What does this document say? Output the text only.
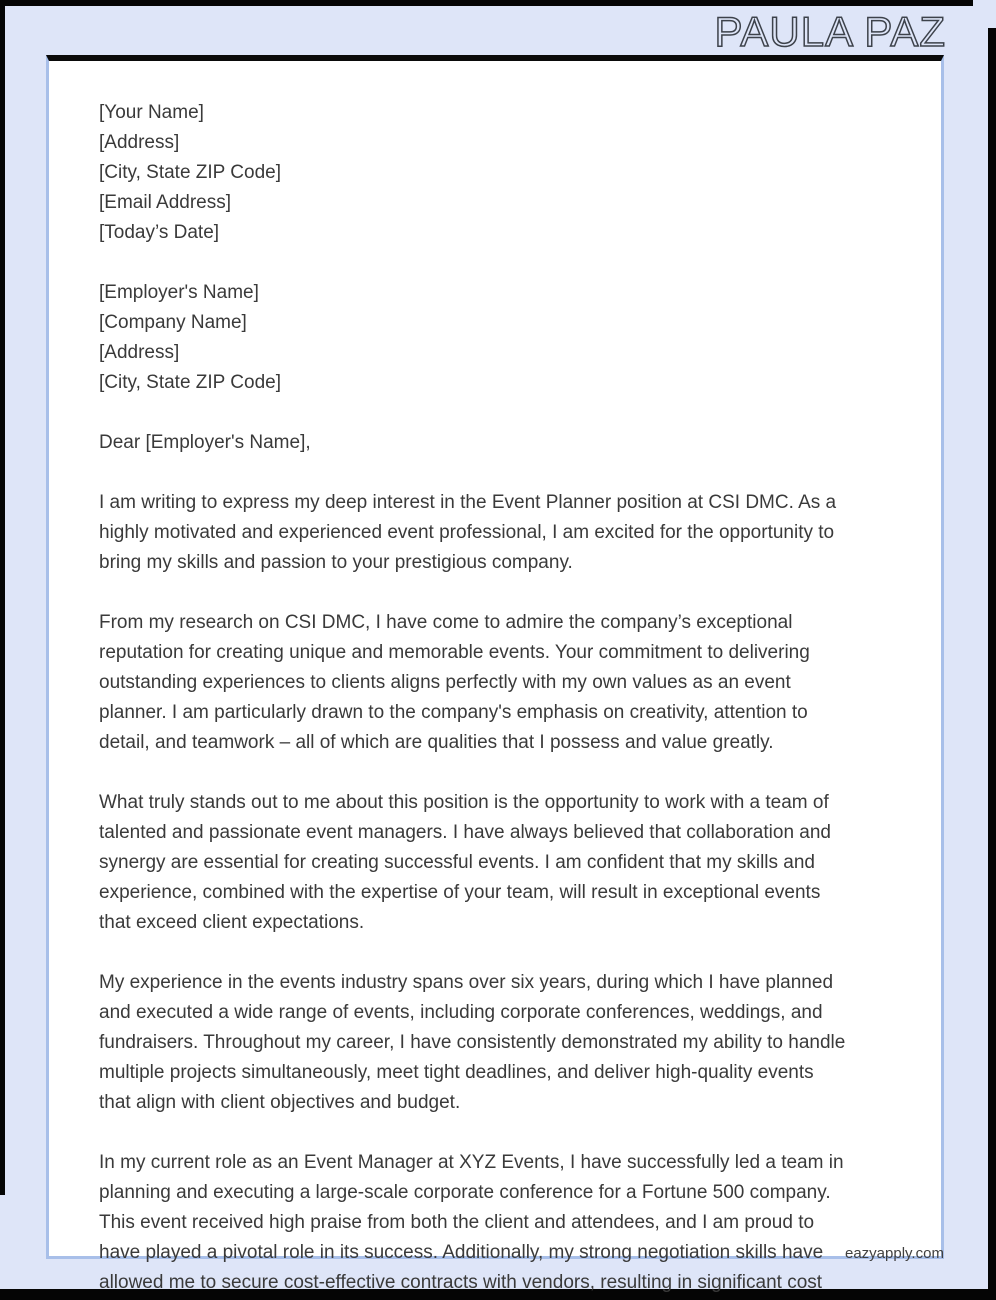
PAULA PAZ
[Your Name]
[Address]
[City, State ZIP Code]
[Email Address]
[Today’s Date]
[Employer's Name]
[Company Name]
[Address]
[City, State ZIP Code]
Dear [Employer's Name],
I am writing to express my deep interest in the Event Planner position at CSI DMC. As a
highly motivated and experienced event professional, I am excited for the opportunity to
bring my skills and passion to your prestigious company.
From my research on CSI DMC, I have come to admire the company’s exceptional
reputation for creating unique and memorable events. Your commitment to delivering
outstanding experiences to clients aligns perfectly with my own values as an event
planner. I am particularly drawn to the company's emphasis on creativity, attention to
detail, and teamwork – all of which are qualities that I possess and value greatly.
What truly stands out to me about this position is the opportunity to work with a team of
talented and passionate event managers. I have always believed that collaboration and
synergy are essential for creating successful events. I am confident that my skills and
experience, combined with the expertise of your team, will result in exceptional events
that exceed client expectations.
My experience in the events industry spans over six years, during which I have planned
and executed a wide range of events, including corporate conferences, weddings, and
fundraisers. Throughout my career, I have consistently demonstrated my ability to handle
multiple projects simultaneously, meet tight deadlines, and deliver high-quality events
that align with client objectives and budget.
In my current role as an Event Manager at XYZ Events, I have successfully led a team in
planning and executing a large-scale corporate conference for a Fortune 500 company.
This event received high praise from both the client and attendees, and I am proud to
have played a pivotal role in its success. Additionally, my strong negotiation skills have
allowed me to secure cost-effective contracts with vendors, resulting in significant cost
eazyapply.com
